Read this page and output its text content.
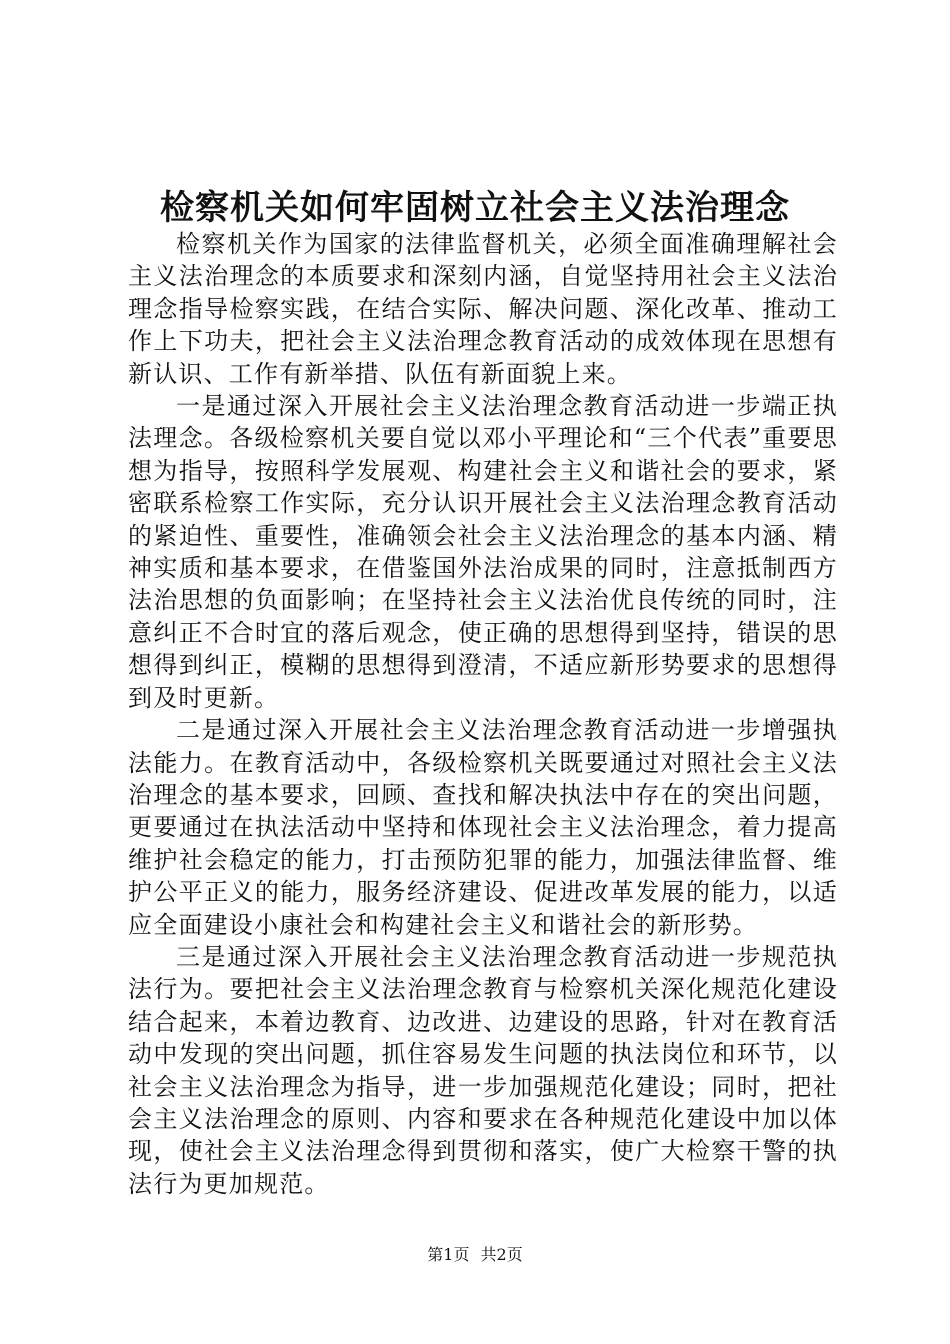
检察机关如何牢固树立社会主义法治理念

检察机关作为国家的法律监督机关，必须全面准确理解社会主义法治理念的本质要求和深刻内涵，自觉坚持用社会主义法治理念指导检察实践，在结合实际、解决问题、深化改革、推动工作上下功夫，把社会主义法治理念教育活动的成效体现在思想有新认识、工作有新举措、队伍有新面貌上来。

一是通过深入开展社会主义法治理念教育活动进一步端正执法理念。各级检察机关要自觉以邓小平理论和“三个代表”重要思想为指导，按照科学发展观、构建社会主义和谐社会的要求，紧密联系检察工作实际，充分认识开展社会主义法治理念教育活动的紧迫性、重要性，准确领会社会主义法治理念的基本内涵、精神实质和基本要求，在借鉴国外法治成果的同时，注意抵制西方法治思想的负面影响；在坚持社会主义法治优良传统的同时，注意纠正不合时宜的落后观念，使正确的思想得到坚持，错误的思想得到纠正，模糊的思想得到澄清，不适应新形势要求的思想得到及时更新。

二是通过深入开展社会主义法治理念教育活动进一步增强执法能力。在教育活动中，各级检察机关既要通过对照社会主义法治理念的基本要求，回顾、查找和解决执法中存在的突出问题，更要通过在执法活动中坚持和体现社会主义法治理念，着力提高维护社会稳定的能力，打击预防犯罪的能力，加强法律监督、维护公平正义的能力，服务经济建设、促进改革发展的能力，以适应全面建设小康社会和构建社会主义和谐社会的新形势。

三是通过深入开展社会主义法治理念教育活动进一步规范执法行为。要把社会主义法治理念教育与检察机关深化规范化建设结合起来，本着边教育、边改进、边建设的思路，针对在教育活动中发现的突出问题，抓住容易发生问题的执法岗位和环节，以社会主义法治理念为指导，进一步加强规范化建设；同时，把社会主义法治理念的原则、内容和要求在各种规范化建设中加以体现，使社会主义法治理念得到贯彻和落实，使广大检察干警的执法行为更加规范。

第1页 共2页
